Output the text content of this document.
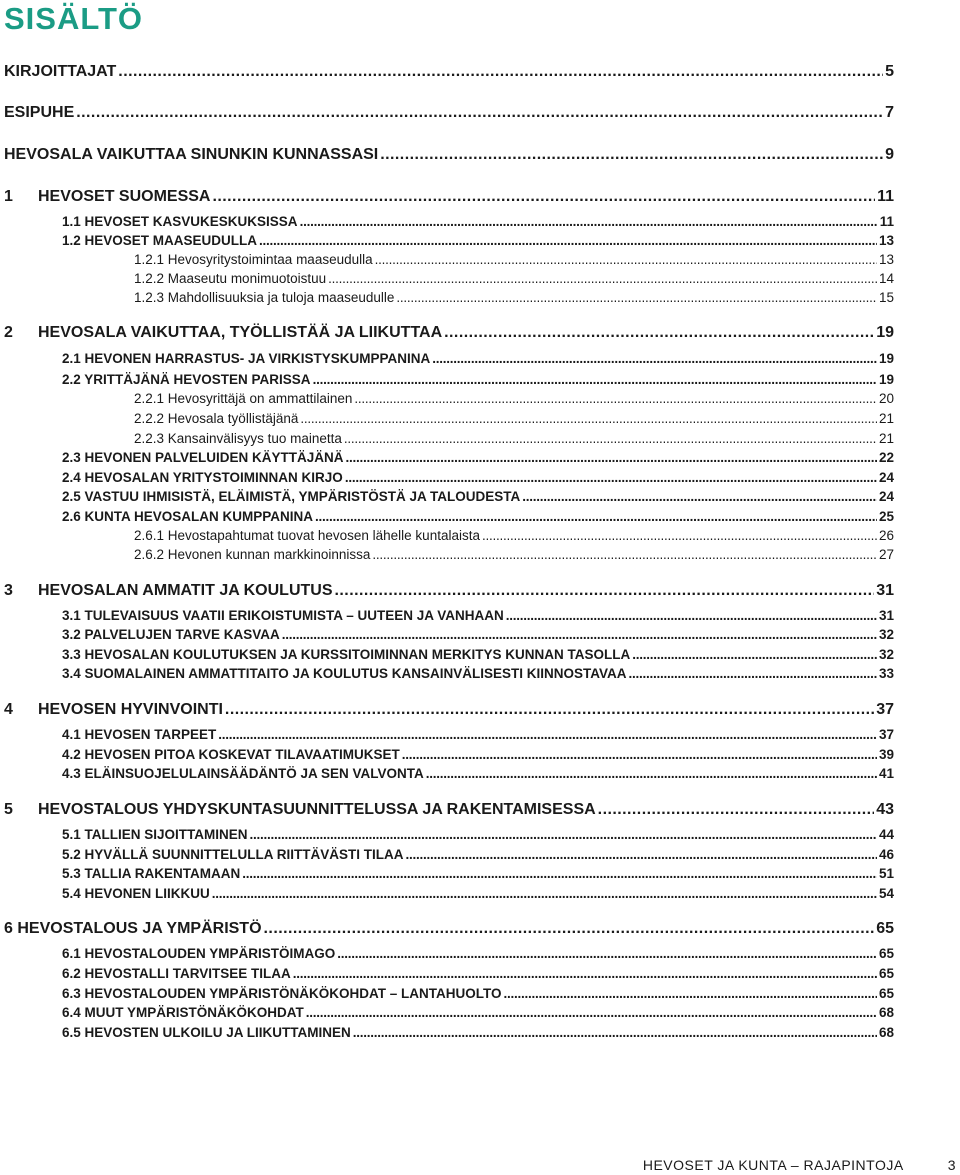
SISÄLTÖ
KIRJOITTAJAT . . .	5
ESIPUHE . . .	7
HEVOSALA VAIKUTTAA SINUNKIN KUNNASSASI . . .	9
1 HEVOSET SUOMESSA . . .	11
1.1 HEVOSET KASVUKESKUKSISSA . . .	11
1.2 HEVOSET MAASEUDULLA . . .	13
1.2.1 Hevosyritystoimintaa maaseudulla . . .	13
1.2.2 Maaseutu monimuotoistuu . . .	14
1.2.3 Mahdollisuuksia ja tuloja maaseudulle . . .	15
2 HEVOSALA VAIKUTTAA, TYÖLLISTÄÄ JA LIIKUTTAA . . .	19
2.1 HEVONEN HARRASTUS- JA VIRKISTYSKUMPPANINA . . .	19
2.2 YRITTÄJÄNÄ HEVOSTEN PARISSA . . .	19
2.2.1 Hevosyrittäjä on ammattilainen . . .	20
2.2.2 Hevosala työllistäjänä . . .	21
2.2.3 Kansainvälisyys tuo mainetta . . .	21
2.3 HEVONEN PALVELUIDEN KÄYTTÄJÄNÄ . . .	22
2.4 HEVOSALAN YRITYSTOIMINNAN KIRJO . . .	24
2.5 VASTUU IHMISISTÄ, ELÄIMISTÄ, YMPÄRISTÖSTÄ JA TALOUDESTA . . .	24
2.6 KUNTA HEVOSALAN KUMPPANINA . . .	25
2.6.1 Hevostapahtumat tuovat hevosen lähelle kuntalaista . . .	26
2.6.2 Hevonen kunnan markkinoinnissa . . .	27
3 HEVOSALAN AMMATIT JA KOULUTUS . . .	31
3.1 TULEVAISUUS VAATII ERIKOISTUMISTA – UUTEEN JA VANHAAN . . .	31
3.2 PALVELUJEN TARVE KASVAA . . .	32
3.3 HEVOSALAN KOULUTUKSEN JA KURSSITOIMINNAN MERKITYS KUNNAN TASOLLA . . .	32
3.4 SUOMALAINEN AMMATTITAITO JA KOULUTUS KANSAINVÄLISESTI KIINNOSTAVAA . . .	33
4 HEVOSEN HYVINVOINTI . . .	37
4.1 HEVOSEN TARPEET . . .	37
4.2 HEVOSEN PITOA KOSKEVAT TILAVAATIMUKSET . . .	39
4.3 ELÄINSUOJELULAINSÄÄDÄNTÖ JA SEN VALVONTA . . .	41
5 HEVOSTALOUS YHDYSKUNTASUUNNITTELUSSA JA RAKENTAMISESSA . . .	43
5.1 TALLIEN SIJOITTAMINEN . . .	44
5.2 HYVÄLLÄ SUUNNITTELULLA RIITTÄVÄSTI TILAA . . .	46
5.3 TALLIA RAKENTAMAAN . . .	51
5.4 HEVONEN LIIKKUU . . .	54
6 HEVOSTALOUS JA YMPÄRISTÖ . . .	65
6.1 HEVOSTALOUDEN YMPÄRISTÖIMAGO . . .	65
6.2 HEVOSTALLI TARVITSEE TILAA . . .	65
6.3 HEVOSTALOUDEN YMPÄRISTÖNÄKÖKOHDAT – LANTAHUOLTO . . .	65
6.4 MUUT YMPÄRISTÖNÄKÖKOHDAT . . .	68
6.5 HEVOSTEN ULKOILU JA LIIKUTTAMINEN . . .	68
HEVOSET JA KUNTA – RAJAPINTOJA	3
